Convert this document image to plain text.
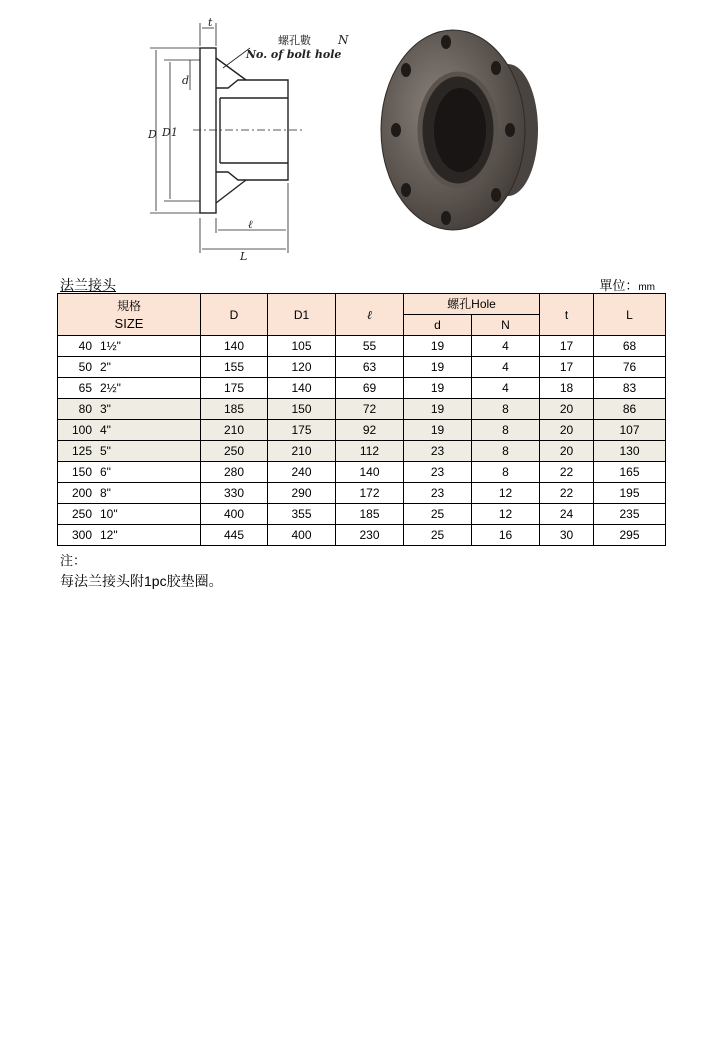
t
D D1
d
ℓ
L
N
No. of bolt hole
螺孔數
法兰接头	單位：mm
規格
SIZE	D	D1	ℓ	螺孔Hole		t	L
				d	N		
40 1½"	140	105	55	19	4	17	68
50 2"	155	120	63	19	4	17	76
65 2½"	175	140	69	19	4	18	83
80 3"	185	150	72	19	8	20	86
100 4"	210	175	92	19	8	20	107
125 5"	250	210	112	23	8	20	130
150 6"	280	240	140	23	8	22	165
200 8"	330	290	172	23	12	22	195
250 10"	400	355	185	25	12	24	235
300 12"	445	400	230	25	16	30	295
注：
每法兰接头附1pc胶垫圈。
